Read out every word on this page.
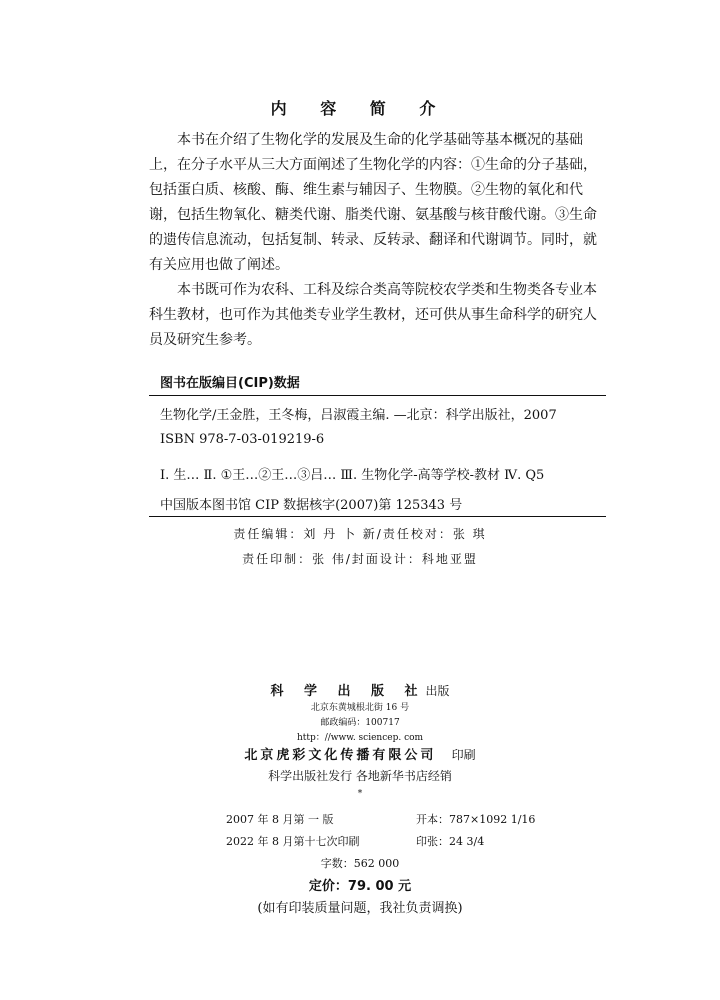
内 容 简 介

本书在介绍了生物化学的发展及生命的化学基础等基本概况的基础
上，在分子水平从三大方面阐述了生物化学的内容：①生命的分子基础，
包括蛋白质、核酸、酶、维生素与辅因子、生物膜。②生物的氧化和代
谢，包括生物氧化、糖类代谢、脂类代谢、氨基酸与核苷酸代谢。③生命
的遗传信息流动，包括复制、转录、反转录、翻译和代谢调节。同时，就
有关应用也做了阐述。

本书既可作为农科、工科及综合类高等院校农学类和生物类各专业本
科生教材，也可作为其他类专业学生教材，还可供从事生命科学的研究人
员及研究生参考。

图书在版编目(CIP)数据
生物化学/王金胜，王冬梅，吕淑霞主编. —北京：科学出版社，2007
ISBN 978-7-03-019219-6
Ⅰ. 生… Ⅱ. ①王…②王…③吕… Ⅲ. 生物化学-高等学校-教材 Ⅳ. Q5
中国版本图书馆 CIP 数据核字(2007)第 125343 号
责任编辑：刘 丹 卜 新/责任校对：张 琪
责任印制：张 伟/封面设计：科地亚盟
科 学 出 版 社出版
北京东黄城根北街 16 号
邮政编码：100717
http：//www. sciencep. com
北京虎彩文化传播有限公司 印刷
科学出版社发行 各地新华书店经销
*
2007 年 8 月第 一 版	开本：787×1092 1/16
2022 年 8 月第十七次印刷	印张：24 3/4
字数：562 000
定价：79. 00 元
(如有印装质量问题，我社负责调换)
